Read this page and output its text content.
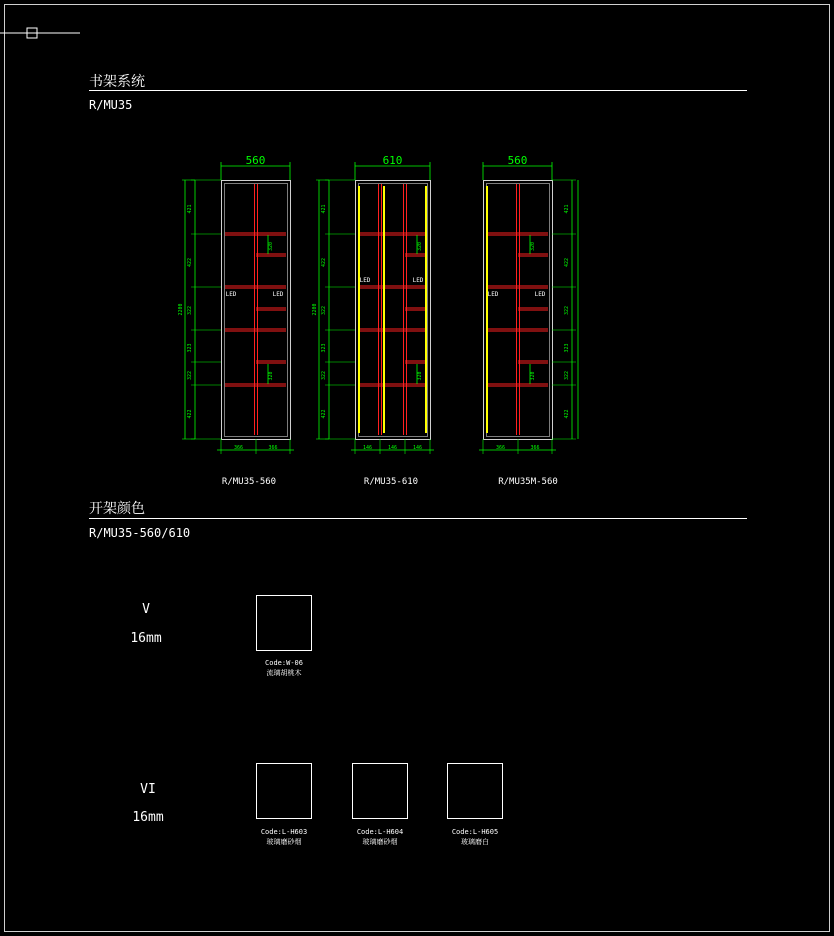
书架系统
R/MU35
LED	LED
320
320
560
421
422
322
323
322
422
2200
366	366
LED	LED
320
320
610
421
422
322
323
322
422
2200
146	146	146
LED	LED
320
320
560
421
422
322
323
322
422
366	366
R/MU35-560	R/MU35-610	R/MU35M-560
开架颜色
R/MU35-560/610
V
16mm
Code:W-06
流璃胡桃木
VI
16mm
Code:L-H603
玻璃磨砂烟
Code:L-H604
玻璃磨砂烟
Code:L-H605
玻璃磨白
